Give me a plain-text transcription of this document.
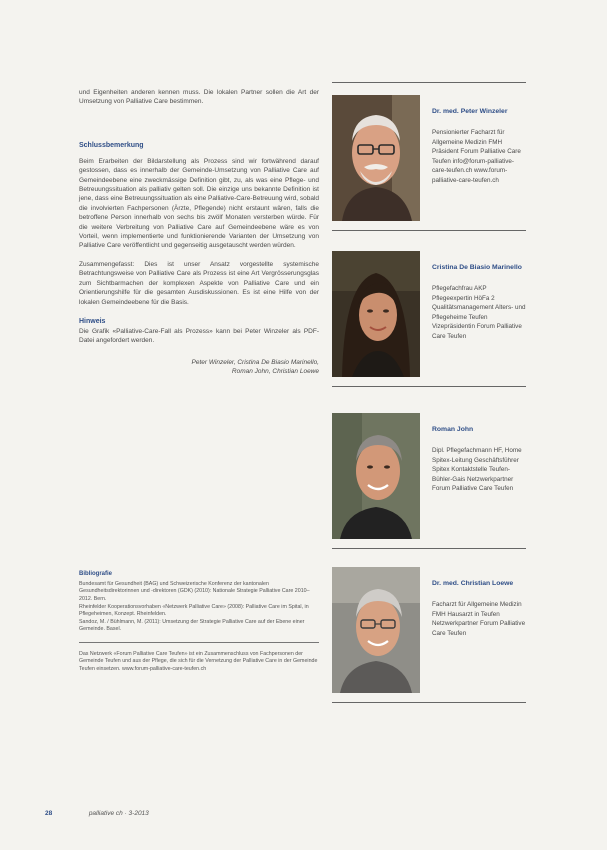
und Eigenheiten anderen kennen muss. Die lokalen Partner sollen die Art der Umsetzung von Palliative Care bestimmen.

Schlussbemerkung

Beim Erarbeiten der Bildarstellung als Prozess sind wir fortwährend darauf gestossen, dass es innerhalb der Gemeinde-Umsetzung von Palliative Care auf Gemeindeebene eine zweckmässige Definition gibt, zu, als was eine Pflege- und Betreuungssituation als palliativ gelten soll. Die einzige uns bekannte Definition ist jene, dass eine Betreuungssituation als eine Palliative-Care-Betreuung wird, sobald die involvierten Fachpersonen (Ärzte, Pflegende) nicht erstaunt wären, falls die betroffene Person innerhalb von sechs bis zwölf Monaten versterben würde. Für die weitere Verbreitung von Palliative Care auf Gemeindeebene wäre es von Vorteil, wenn implementierte und funktionierende Varianten der Umsetzung von Palliative Care veröffentlicht und gegenseitig ausgetauscht werden würden.

Zusammengefasst: Dies ist unser Ansatz vorgestellte systemische Betrachtungsweise von Palliative Care als Prozess ist eine Art Vergrösserungsglas zum Sichtbarmachen der komplexen Aspekte von Palliative Care und ein Orientierungshilfe für die gesamten Ausdiskussionen. Es ist eine Hilfe von der lokalen Gemeindeebene für die Basis.

Hinweis

Die Grafik «Palliative-Care-Fall als Prozess» kann bei Peter Winzeler als PDF-Datei angefordert werden.

Peter Winzeler, Cristina De Biasio Marinello,
Roman John, Christian Loewe
Bibliografie

Bundesamt für Gesundheit (BAG) und Schweizerische Konferenz der kantonalen Gesundheitsdirektorinnen und -direktoren (GDK) (2010): Nationale Strategie Palliative Care 2010–2012. Bern.

Rheinfelder Kooperationsvorhaben «Netzwerk Palliative Care» (2008): Palliative Care im Spital, in Pflegeheimen, Konzept. Rheinfelden.

Sandoz, M. / Bühlmann, M. (2011): Umsetzung der Strategie Palliative Care auf der Ebene einer Gemeinde. Basel.

Das Netzwerk «Forum Palliative Care Teufen» ist ein Zusammenschluss von Fachpersonen der Gemeinde Teufen und aus der Pflege, die sich für die Vernetzung der Palliative Care in der Gemeinde Teufen einsetzen. www.forum-palliative-care-teufen.ch

Dr. med. Peter Winzeler
Pensionierter Facharzt für Allgemeine Medizin FMH Präsident Forum Palliative Care Teufen info@forum-palliative-care-teufen.ch www.forum-palliative-care-teufen.ch
Cristina De Biasio Marinello
Pflegefachfrau AKP Pflegeexpertin HöFa 2 Qualitätsmanagement Alters- und Pflegeheime Teufen Vizepräsidentin Forum Palliative Care Teufen
Roman John
Dipl. Pflegefachmann HF, Home Spitex-Leitung Geschäftsführer Spitex Kontaktstelle Teufen-Bühler-Gais Netzwerkpartner Forum Palliative Care Teufen
Dr. med. Christian Loewe
Facharzt für Allgemeine Medizin FMH Hausarzt in Teufen Netzwerkpartner Forum Palliative Care Teufen
28	palliative ch · 3-2013
